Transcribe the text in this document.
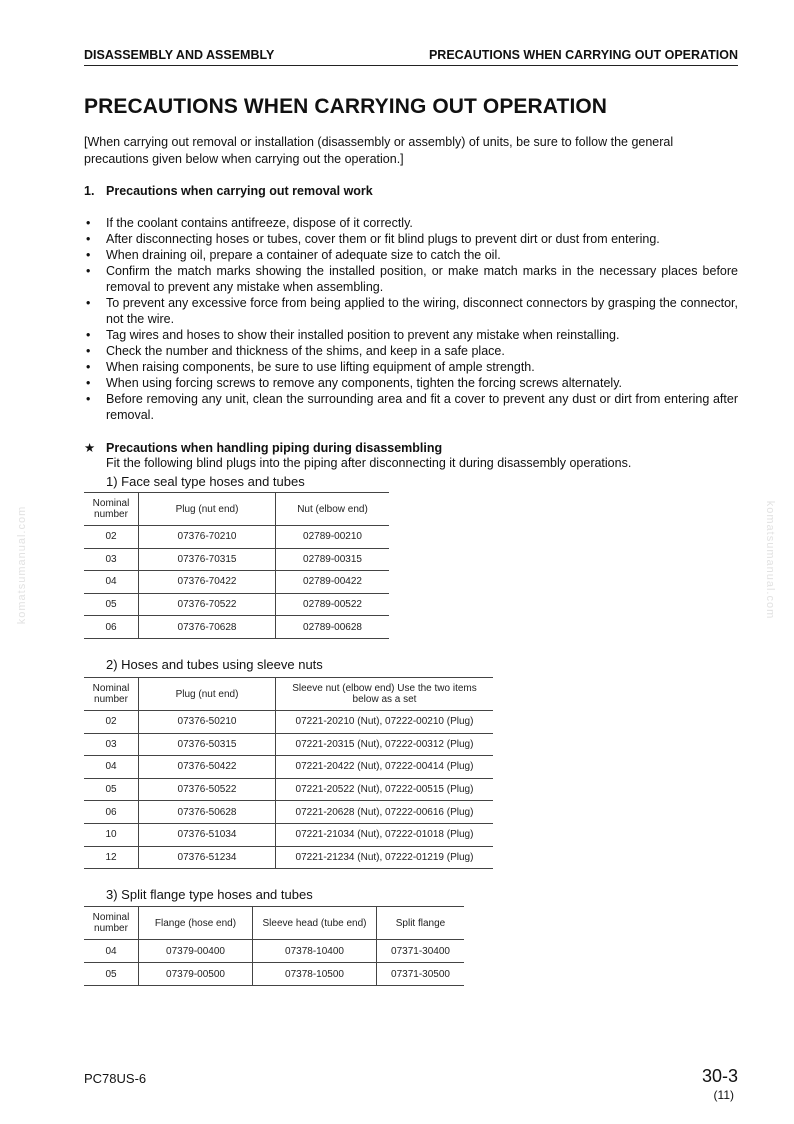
DISASSEMBLY AND ASSEMBLY	PRECAUTIONS WHEN CARRYING OUT OPERATION
PRECAUTIONS WHEN CARRYING OUT OPERATION

[When carrying out removal or installation (disassembly or assembly) of units, be sure to follow the general precautions given below when carrying out the operation.]

1. Precautions when carrying out removal work
• If the coolant contains antifreeze, dispose of it correctly.
• After disconnecting hoses or tubes, cover them or fit blind plugs to prevent dirt or dust from entering.
• When draining oil, prepare a container of adequate size to catch the oil.
• Confirm the match marks showing the installed position, or make match marks in the necessary places before removal to prevent any mistake when assembling.
• To prevent any excessive force from being applied to the wiring, disconnect connectors by grasping the connector, not the wire.
• Tag wires and hoses to show their installed position to prevent any mistake when reinstalling.
• Check the number and thickness of the shims, and keep in a safe place.
• When raising components, be sure to use lifting equipment of ample strength.
• When using forcing screws to remove any components, tighten the forcing screws alternately.
• Before removing any unit, clean the surrounding area and fit a cover to prevent any dust or dirt from entering after removal.
★ Precautions when handling piping during disassembling
Fit the following blind plugs into the piping after disconnecting it during disassembly operations.
1) Face seal type hoses and tubes
Nominal number	Plug (nut end)	Nut (elbow end)
02	07376-70210	02789-00210
03	07376-70315	02789-00315
04	07376-70422	02789-00422
05	07376-70522	02789-00522
06	07376-70628	02789-00628
2) Hoses and tubes using sleeve nuts
Nominal number	Plug (nut end)	Sleeve nut (elbow end) Use the two items below as a set
02	07376-50210	07221-20210 (Nut), 07222-00210 (Plug)
03	07376-50315	07221-20315 (Nut), 07222-00312 (Plug)
04	07376-50422	07221-20422 (Nut), 07222-00414 (Plug)
05	07376-50522	07221-20522 (Nut), 07222-00515 (Plug)
06	07376-50628	07221-20628 (Nut), 07222-00616 (Plug)
10	07376-51034	07221-21034 (Nut), 07222-01018 (Plug)
12	07376-51234	07221-21234 (Nut), 07222-01219 (Plug)
3) Split flange type hoses and tubes
Nominal number	Flange (hose end)	Sleeve head (tube end)	Split flange
04	07379-00400	07378-10400	07371-30400
05	07379-00500	07378-10500	07371-30500
komatsumanual.com	komatsumanual.com
PC78US-6	30-3
(11)
